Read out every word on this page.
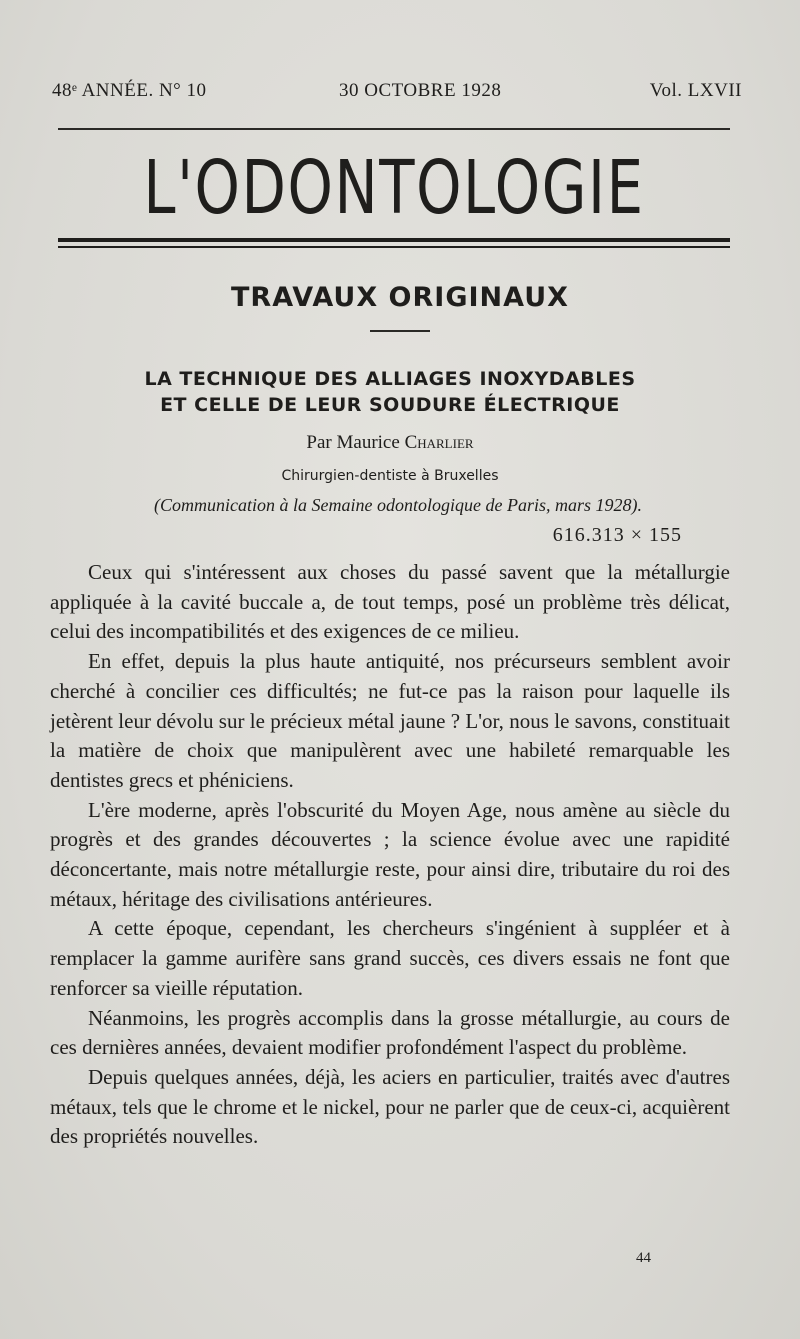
48ᵉ ANNÉE. N° 10	30 OCTOBRE 1928	Vol. LXVII
L'ODONTOLOGIE
TRAVAUX ORIGINAUX
LA TECHNIQUE DES ALLIAGES INOXYDABLES
ET CELLE DE LEUR SOUDURE ÉLECTRIQUE
Par Maurice Charlier
Chirurgien-dentiste à Bruxelles
(Communication à la Semaine odontologique de Paris, mars 1928).
616.313 × 155

Ceux qui s'intéressent aux choses du passé savent que la métallurgie appliquée à la cavité buccale a, de tout temps, posé un problème très délicat, celui des incompatibilités et des exigences de ce milieu.

En effet, depuis la plus haute antiquité, nos précurseurs semblent avoir cherché à concilier ces difficultés; ne fut-ce pas la raison pour laquelle ils jetèrent leur dévolu sur le précieux métal jaune ? L'or, nous le savons, constituait la matière de choix que manipulèrent avec une habileté remarquable les dentistes grecs et phéniciens.

L'ère moderne, après l'obscurité du Moyen Age, nous amène au siècle du progrès et des grandes découvertes ; la science évolue avec une rapidité déconcertante, mais notre métallurgie reste, pour ainsi dire, tributaire du roi des métaux, héritage des civilisations antérieures.

A cette époque, cependant, les chercheurs s'ingénient à suppléer et à remplacer la gamme aurifère sans grand succès, ces divers essais ne font que renforcer sa vieille réputation.

Néanmoins, les progrès accomplis dans la grosse métallurgie, au cours de ces dernières années, devaient modifier profondément l'aspect du problème.

Depuis quelques années, déjà, les aciers en particulier, traités avec d'autres métaux, tels que le chrome et le nickel, pour ne parler que de ceux-ci, acquièrent des propriétés nouvelles.

44
